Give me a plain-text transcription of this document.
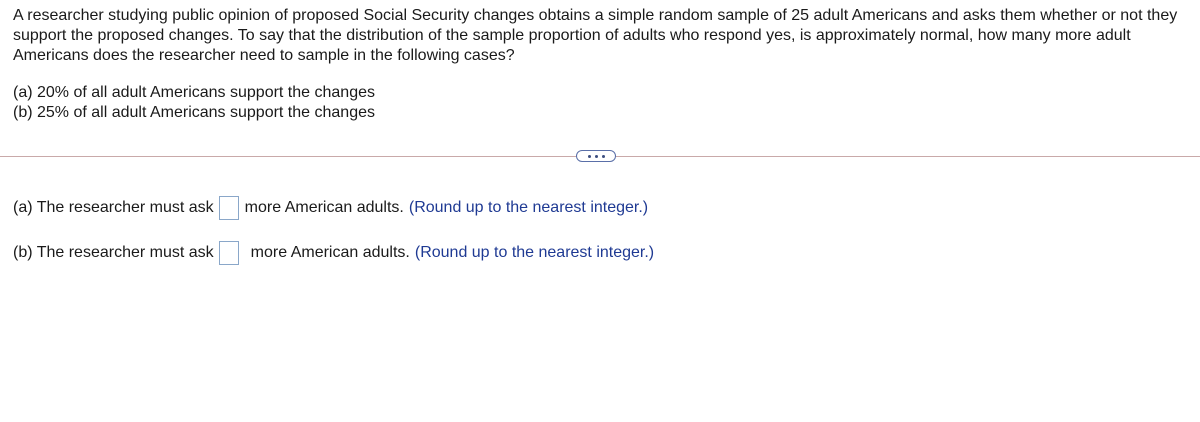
A researcher studying public opinion of proposed Social Security changes obtains a simple random sample of 25 adult Americans and asks them whether or not they support the proposed changes. To say that the distribution of the sample proportion of adults who respond yes, is approximately normal, how many more adult Americans does the researcher need to sample in the following cases?

(a) 20% of all adult Americans support the changes
(b) 25% of all adult Americans support the changes
(a) The researcher must ask more American adults. (Round up to the nearest integer.)
(b) The researcher must ask more American adults. (Round up to the nearest integer.)
